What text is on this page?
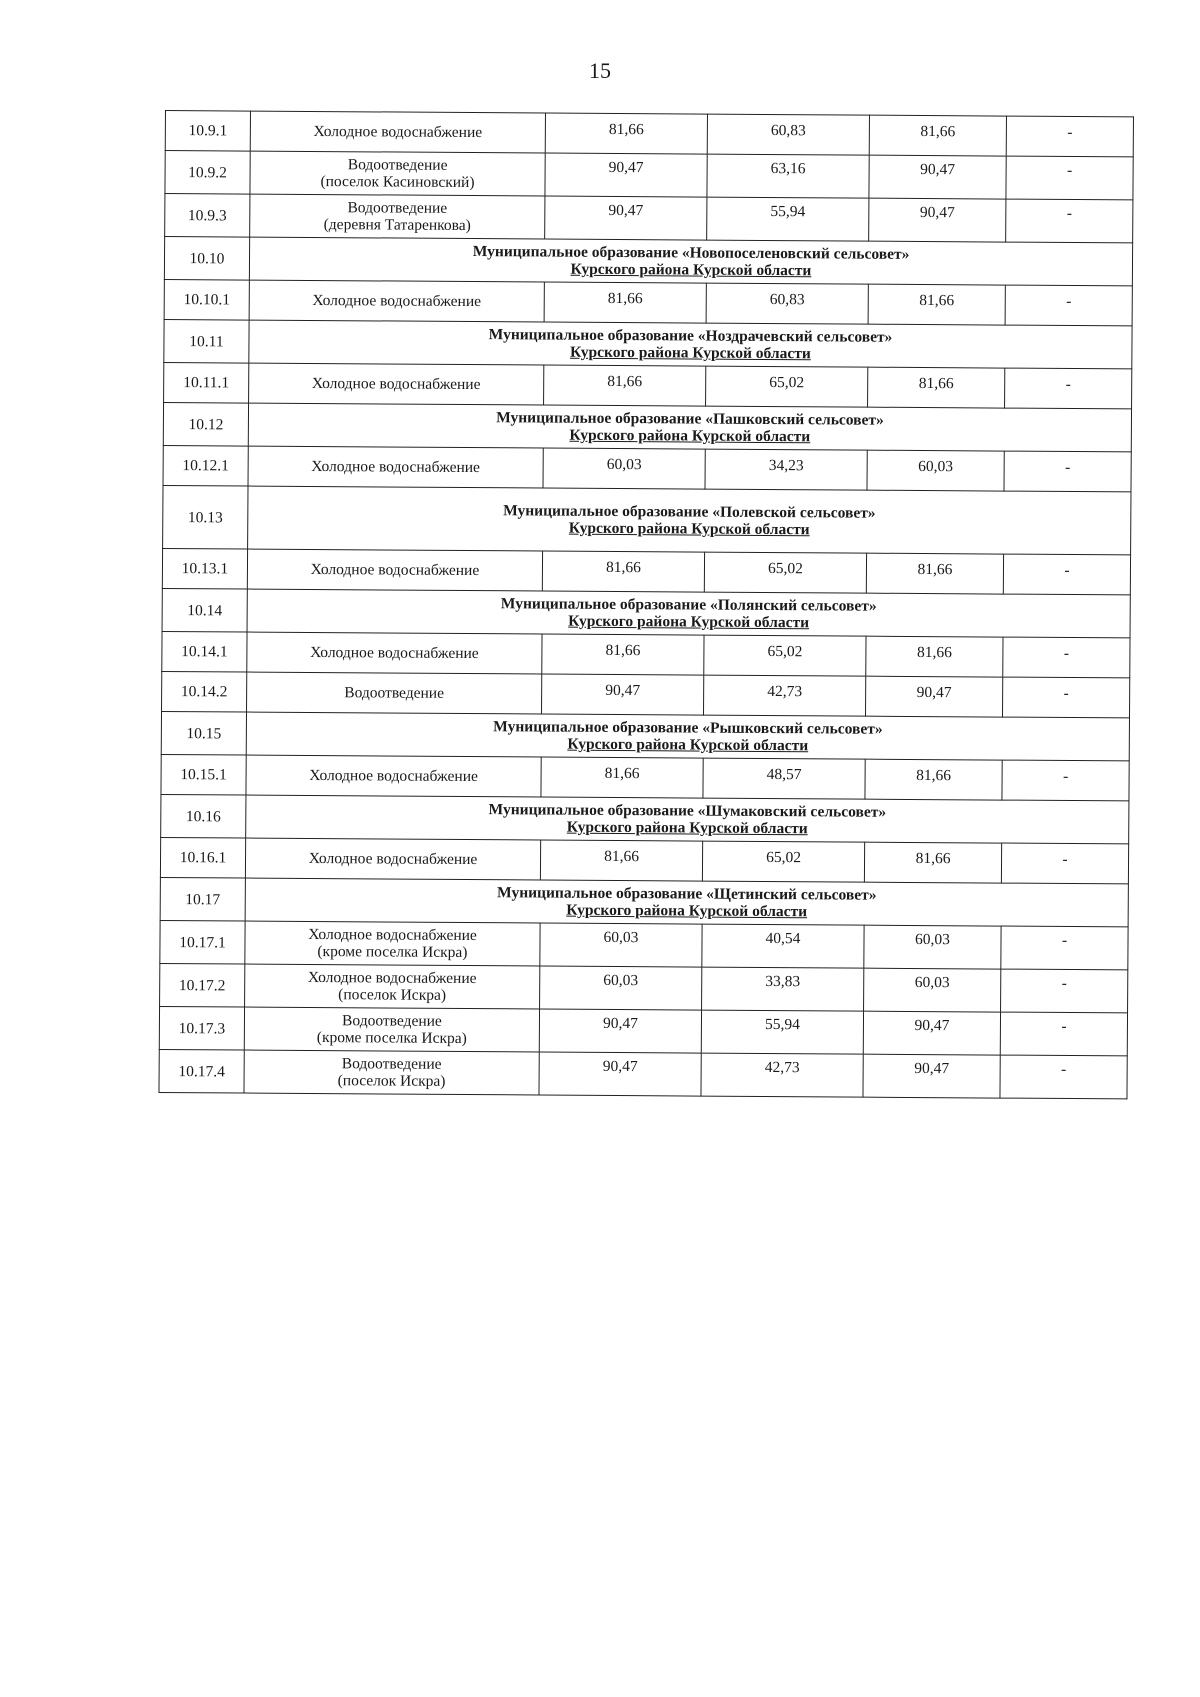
15
10.9.1	Холодное водоснабжение	81,66	60,83	81,66	-
10.9.2	Водоотведение
(поселок Касиновский)	90,47	63,16	90,47	-
10.9.3	Водоотведение
(деревня Татаренкова)	90,47	55,94	90,47	-
10.10	Муниципальное образование «Новопоселеновский сельсовет»
Курского района Курской области				

10.10.1	Холодное водоснабжение	81,66	60,83	81,66	-
10.11	Муниципальное образование «Ноздрачевский сельсовет»
Курского района Курской области				

10.11.1	Холодное водоснабжение	81,66	65,02	81,66	-
10.12	Муниципальное образование «Пашковский сельсовет»
Курского района Курской области				

10.12.1	Холодное водоснабжение	60,03	34,23	60,03	-
10.13	Муниципальное образование «Полевской сельсовет»
Курского района Курской области				

10.13.1	Холодное водоснабжение	81,66	65,02	81,66	-
10.14	Муниципальное образование «Полянский сельсовет»
Курского района Курской области				

10.14.1	Холодное водоснабжение	81,66	65,02	81,66	-
10.14.2	Водоотведение	90,47	42,73	90,47	-
10.15	Муниципальное образование «Рышковский сельсовет»
Курского района Курской области				

10.15.1	Холодное водоснабжение	81,66	48,57	81,66	-
10.16	Муниципальное образование «Шумаковский сельсовет»
Курского района Курской области				

10.16.1	Холодное водоснабжение	81,66	65,02	81,66	-
10.17	Муниципальное образование «Щетинский сельсовет»
Курского района Курской области				

10.17.1	Холодное водоснабжение
(кроме поселка Искра)	60,03	40,54	60,03	-
10.17.2	Холодное водоснабжение
(поселок Искра)	60,03	33,83	60,03	-
10.17.3	Водоотведение
(кроме поселка Искра)	90,47	55,94	90,47	-
10.17.4	Водоотведение
(поселок Искра)	90,47	42,73	90,47	-
